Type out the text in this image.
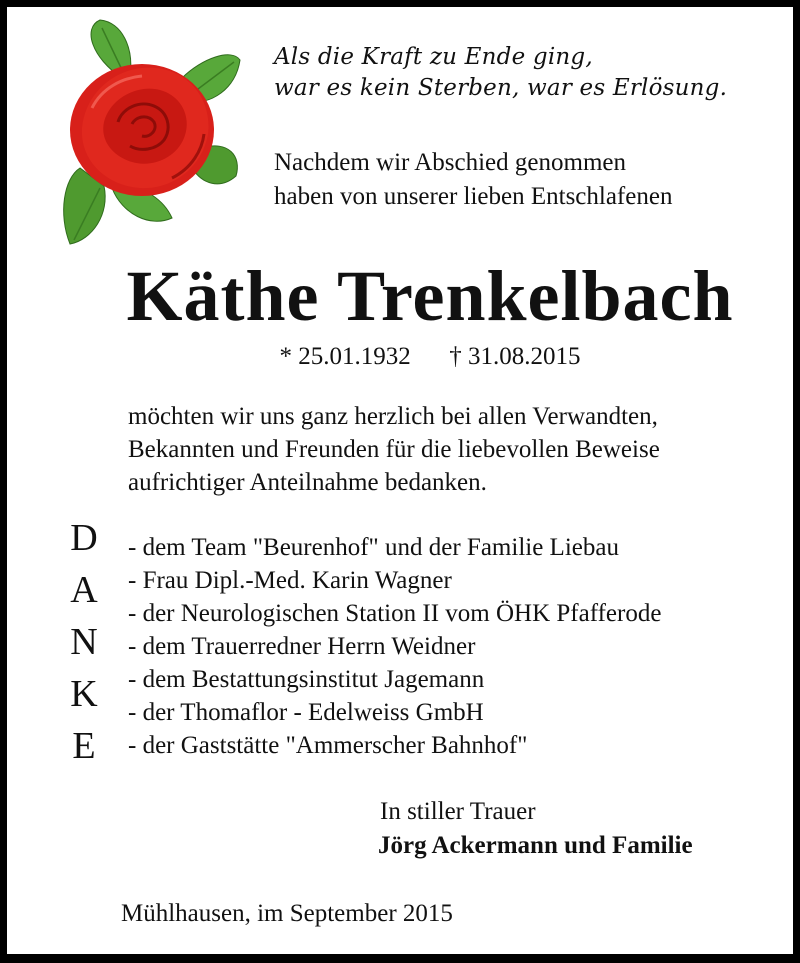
Als die Kraft zu Ende ging,
war es kein Sterben, war es Erlösung.
Nachdem wir Abschied genommen
haben von unserer lieben Entschlafenen
Käthe Trenkelbach
* 25.01.1932 † 31.08.2015
möchten wir uns ganz herzlich bei allen Verwandten,
Bekannten und Freunden für die liebevollen Beweise
aufrichtiger Anteilnahme bedanken.
D
A
N
K
E
- dem Team "Beurenhof" und der Familie Liebau
- Frau Dipl.-Med. Karin Wagner
- der Neurologischen Station II vom ÖHK Pfafferode
- dem Trauerredner Herrn Weidner
- dem Bestattungsinstitut Jagemann
- der Thomaflor - Edelweiss GmbH
- der Gaststätte "Ammerscher Bahnhof"
In stiller Trauer
Jörg Ackermann und Familie
Mühlhausen, im September 2015
